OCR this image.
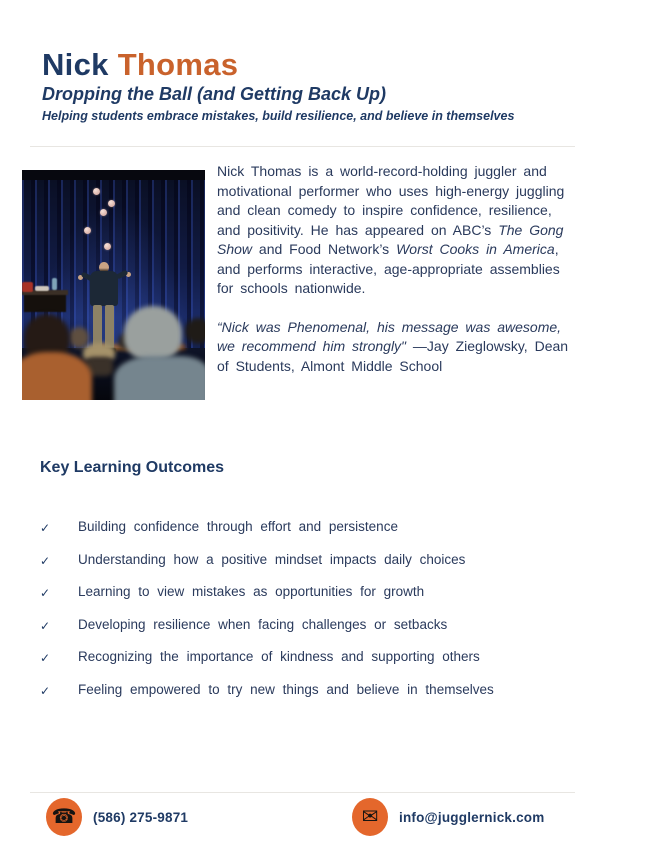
Nick Thomas
Dropping the Ball (and Getting Back Up)
Helping students embrace mistakes, build resilience, and believe in themselves

Nick Thomas is a world-record-holding juggler and motivational performer who uses high-energy juggling and clean comedy to inspire confidence, resilience, and positivity. He has appeared on ABC’s The Gong Show and Food Network’s Worst Cooks in America, and performs interactive, age-appropriate assemblies for schools nationwide.

“Nick was Phenomenal, his message was awesome, we recommend him strongly" —Jay Zieglowsky, Dean of Students, Almont Middle School

Key Learning Outcomes
✓	Building confidence through effort and persistence
✓	Understanding how a positive mindset impacts daily choices
✓	Learning to view mistakes as opportunities for growth
✓	Developing resilience when facing challenges or setbacks
✓	Recognizing the importance of kindness and supporting others
✓	Feeling empowered to try new things and believe in themselves
☎ (586) 275-9871	✉ info@jugglernick.com
